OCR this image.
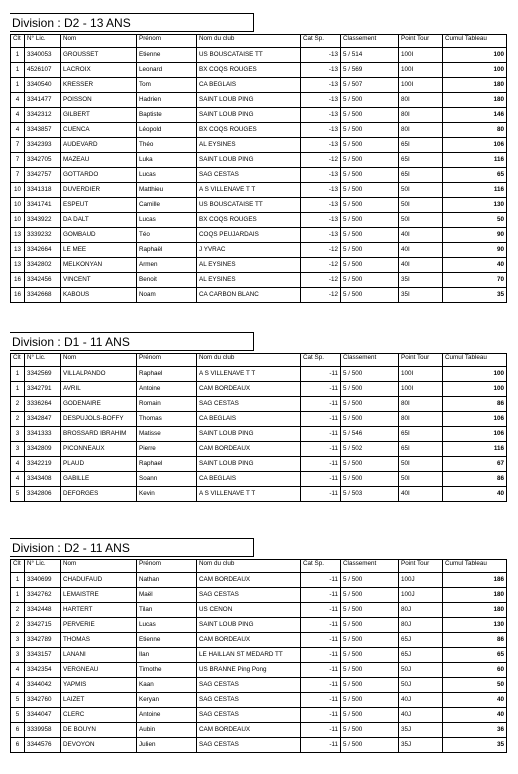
Division : D2 - 13 ANS
Clt	N° Lic.	Nom	Prénom	Nom du club	Cat Sp.	Classement	Point Tour	Cumul Tableau
1	3340053	GROUSSET	Etienne	US BOUSCATAISE TT	-13	5 / 514	100I	100
1	4526107	LACROIX	Leonard	BX COQS ROUGES	-13	5 / 569	100I	100
1	3340540	KRESSER	Tom	CA BEGLAIS	-13	5 / 507	100I	180
4	3341477	POISSON	Hadrien	SAINT LOUB PING	-13	5 / 500	80I	180
4	3342312	GILBERT	Baptiste	SAINT LOUB PING	-13	5 / 500	80I	146
4	3343857	CUENCA	Léopold	BX COQS ROUGES	-13	5 / 500	80I	80
7	3342393	AUDEVARD	Théo	AL EYSINES	-13	5 / 500	65I	106
7	3342705	MAZEAU	Luka	SAINT LOUB PING	-12	5 / 500	65I	116
7	3342757	GOTTARDO	Lucas	SAG CESTAS	-13	5 / 500	65I	65
10	3341318	DUVERDIER	Matthieu	A S VILLENAVE T T	-13	5 / 500	50I	116
10	3341741	ESPEUT	Camille	US BOUSCATAISE TT	-13	5 / 500	50I	130
10	3343922	DA DALT	Lucas	BX COQS ROUGES	-13	5 / 500	50I	50
13	3339232	GOMBAUD	Téo	COQS PEUJARDAIS	-13	5 / 500	40I	90
13	3342664	LE MEE	Raphaël	J YVRAC	-12	5 / 500	40I	90
13	3342802	MELKONYAN	Armen	AL EYSINES	-12	5 / 500	40I	40
16	3342456	VINCENT	Benoit	AL EYSINES	-12	5 / 500	35I	70
16	3342668	KABOUS	Noam	CA CARBON BLANC	-12	5 / 500	35I	35
Division : D1 - 11 ANS
Clt	N° Lic.	Nom	Prénom	Nom du club	Cat Sp.	Classement	Point Tour	Cumul Tableau
1	3342569	VILLALPANDO	Raphael	A S VILLENAVE T T	-11	5 / 500	100I	100
1	3342791	AVRIL	Antoine	CAM BORDEAUX	-11	5 / 500	100I	100
2	3336264	GODENAIRE	Romain	SAG CESTAS	-11	5 / 500	80I	86
2	3342847	DESPUJOLS-BOFFY	Thomas	CA BEGLAIS	-11	5 / 500	80I	106
3	3341333	BROSSARD IBRAHIM	Matisse	SAINT LOUB PING	-11	5 / 546	65I	106
3	3342809	PICONNEAUX	Pierre	CAM BORDEAUX	-11	5 / 502	65I	116
4	3342219	PLAUD	Raphael	SAINT LOUB PING	-11	5 / 500	50I	67
4	3343408	GABILLE	Soann	CA BEGLAIS	-11	5 / 500	50I	86
5	3342806	DEFORGES	Kevin	A S VILLENAVE T T	-11	5 / 503	40I	40
Division : D2 - 11 ANS
Clt	N° Lic.	Nom	Prénom	Nom du club	Cat Sp.	Classement	Point Tour	Cumul Tableau
1	3340699	CHADUFAUD	Nathan	CAM BORDEAUX	-11	5 / 500	100J	186
1	3342762	LEMAISTRE	Maël	SAG CESTAS	-11	5 / 500	100J	180
2	3342448	HARTERT	Tilan	US CENON	-11	5 / 500	80J	180
2	3342715	PERVERIE	Lucas	SAINT LOUB PING	-11	5 / 500	80J	130
3	3342789	THOMAS	Etienne	CAM BORDEAUX	-11	5 / 500	65J	86
3	3343157	LANANI	Ilan	LE HAILLAN ST MEDARD TT	-11	5 / 500	65J	65
4	3342354	VERGNEAU	Timothe	US BRANNE Ping Pong	-11	5 / 500	50J	60
4	3344042	YAPMIS	Kaan	SAG CESTAS	-11	5 / 500	50J	50
5	3342760	LAIZET	Keryan	SAG CESTAS	-11	5 / 500	40J	40
5	3344047	CLERC	Antoine	SAG CESTAS	-11	5 / 500	40J	40
6	3339958	DE BOUYN	Aubin	CAM BORDEAUX	-11	5 / 500	35J	36
6	3344576	DEVOYON	Julien	SAG CESTAS	-11	5 / 500	35J	35
